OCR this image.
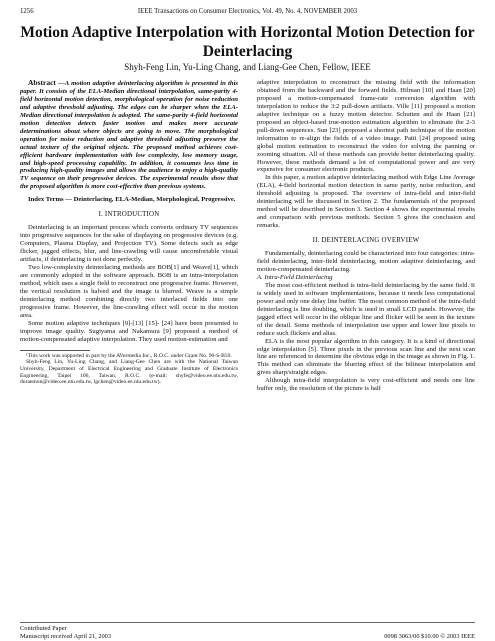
1256	IEEE Transactions on Consumer Electronics, Vol. 49, No. 4, NOVEMBER 2003
Motion Adaptive Interpolation with Horizontal Motion Detection for Deinterlacing
Shyh-Feng Lin, Yu-Ling Chang, and Liang-Gee Chen, Fellow, IEEE

Abstract —A motion adaptive deinterlacing algorithm is presented in this paper. It consists of the ELA-Median directional interpolation, same-parity 4-field horizontal motion detection, morphological operation for noise reduction and adaptive threshold adjusting. The edges can be sharper when the ELA-Median directional interpolation is adopted. The same-parity 4-field horizontal motion detection detects faster motion and makes more accurate determinations about where objects are going to move. The morphological operation for noise reduction and adaptive threshold adjusting preserve the actual texture of the original objects. The proposed method achieves cost-efficient hardware implementation with low complexity, low memory usage, and high-speed processing capability. In addition, it consumes less time in producing high-quality images and allows the audience to enjoy a high-quality TV sequence on their progressive devices. The experimental results show that the proposed algorithm is more cost-effective than previous systems.

Index Terms — Deinterlacing, ELA-Median, Morphological, Progressive.

I. INTRODUCTION

Deinterlacing is an important process which converts ordinary TV sequences into progressive sequences for the sake of displaying on progressive devices (e.g. Computers, Plasma Display, and Projection TV). Some defects such as edge flicker, jagged effects, blur, and line-crawling will cause uncomfortable visual artifacts, if deinterlacing is not done perfectly.

Two low-complexity deinterlacing methods are BOB[1] and Weave[1], which are commonly adopted in the software approach. BOB is an intra-interpolation method, which uses a single field to reconstruct one progressive frame. However, the vertical resolution is halved and the image is blurred. Weave is a simple deinterlacing method combining directly two interlaced fields into one progressive frame. However, the line-crawling effect will occur in the motion area.

Some motion adaptive techniques [9]-[13] [15]- [24] have been presented to improve image quality. Sugiyama and Nakamura [9] proposed a method of motion-compensated adaptive interpolation. They used motion-estimation and

¹This work was supported in part by the AVermedia Inc., R.O.C. under Grant No. 90-S-B59.

Shyh-Feng Lin, Yu-Ling Chang, and Liang-Gee Chen are with the National Taiwan University, Department of Electrical Engineering and Graduate Institute of Electronics Engineering, Taipei 106, Taiwan, R.O.C. (e-mail: shyfe@video.ee.ntu.edu.tw, doraemon@video.ee.ntu.edu.tw, lgchen@video.ee.ntu.edu.tw).

adaptive interpolation to reconstruct the missing field with the information obtained from the backward and the forward fields. Hilman [10] and Haan [20] proposed a motion-compensated frame-rate conversion algorithm with interpolation to reduce the 3:2 pull-down artifacts. Ville [11] proposed a motion adaptive technique on a fuzzy motion detector. Schutten and de Haan [21] proposed an object-based true-motion estimation algorithm to eliminate the 2-3 pull-down sequences. Sun [23] proposed a shortest path technique of the motion information to re-align the fields of a video image. Patti [24] proposed using global motion estimation to reconstruct the video for solving the panning or zooming situation. All of these methods can provide better deinterlacing quality. However, these methods demand a lot of computational power and are very expensive for consumer electronic products.

In this paper, a motion adaptive deinterlacing method with Edge Line Average (ELA), 4-field horizontal motion detection in same parity, noise reduction, and threshold adjusting is proposed. The overview of intra-field and inter-field deinterlacing will be discussed in Section 2. The fundamentals of the proposed method will be described in Section 3. Section 4 shows the experimental results and comparison with previous methods. Section 5 gives the conclusion and remarks.

II. DEINTERLACING OVERVIEW

Fundamentally, deinterlacing could be characterized into four categories: intra-field deinterlacing, inter-field deinterlacing, motion adaptive deinterlacing, and motion-compensated deinterlacing.

A. Intra-Field Deinterlacing

The most cost-efficient method is intra-field deinterlacing by the same field. It is widely used in software implementations, because it needs less computational power and only one delay line buffer. The most common method of the intra-field deinterlacing is line doubling, which is used in small LCD panels. However, the jagged effect will occur in the oblique line and flicker will be seen in the texture of the detail. Some methods of interpolation use upper and lower line pixels to reduce such flickers and alias.

ELA is the most popular algorithm in this category. It is a kind of directional edge interpolation [5]. Three pixels in the previous scan line and the next scan line are referenced to determine the obvious edge in the image as shown in Fig. 1. This method can eliminate the blurring effect of the bilinear interpolation and gives sharp/straight edges.

Although intra-field interpolation is very cost-efficient and needs one line buffer only, the resolution of the picture is half

Contributed Paper
Manuscript received April 21, 2003	0098 3063/00 $10.00 © 2003 IEEE
